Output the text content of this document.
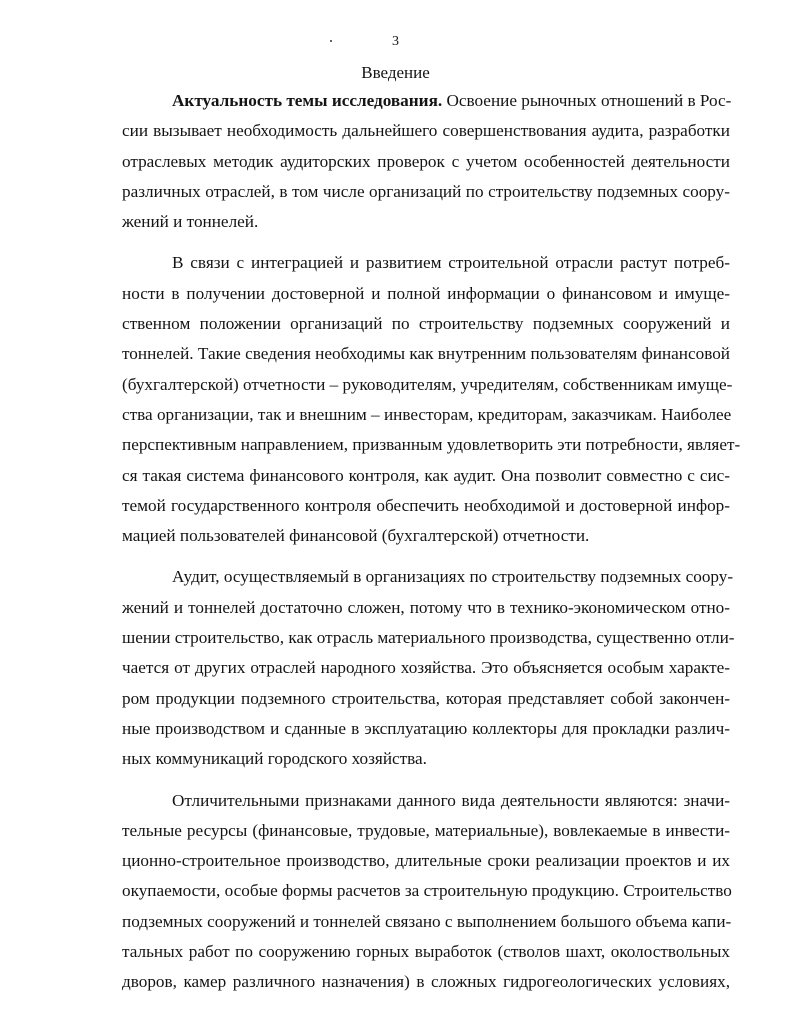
3
Введение
Актуальность темы исследования. Освоение рыночных отношений в Рос-
сии вызывает необходимость дальнейшего совершенствования аудита, разработки
отраслевых методик аудиторских проверок с учетом особенностей деятельности
различных отраслей, в том числе организаций по строительству подземных соору-
жений и тоннелей.
В связи с интеграцией и развитием строительной отрасли растут потреб-
ности в получении достоверной и полной информации о финансовом и имуще-
ственном положении организаций по строительству подземных сооружений и
тоннелей. Такие сведения необходимы как внутренним пользователям финансовой
(бухгалтерской) отчетности – руководителям, учредителям, собственникам имуще-
ства организации, так и внешним – инвесторам, кредиторам, заказчикам. Наиболее
перспективным направлением, призванным удовлетворить эти потребности, являет-
ся такая система финансового контроля, как аудит. Она позволит совместно с сис-
темой государственного контроля обеспечить необходимой и достоверной инфор-
мацией пользователей финансовой (бухгалтерской) отчетности.
Аудит, осуществляемый в организациях по строительству подземных соору-
жений и тоннелей достаточно сложен, потому что в технико-экономическом отно-
шении строительство, как отрасль материального производства, существенно отли-
чается от других отраслей народного хозяйства. Это объясняется особым характе-
ром продукции подземного строительства, которая представляет собой закончен-
ные производством и сданные в эксплуатацию коллекторы для прокладки различ-
ных коммуникаций городского хозяйства.
Отличительными признаками данного вида деятельности являются: значи-
тельные ресурсы (финансовые, трудовые, материальные), вовлекаемые в инвести-
ционно-строительное производство, длительные сроки реализации проектов и их
окупаемости, особые формы расчетов за строительную продукцию. Строительство
подземных сооружений и тоннелей связано с выполнением большого объема капи-
тальных работ по сооружению горных выработок (стволов шахт, околоствольных
дворов, камер различного назначения) в сложных гидрогеологических условиях,
